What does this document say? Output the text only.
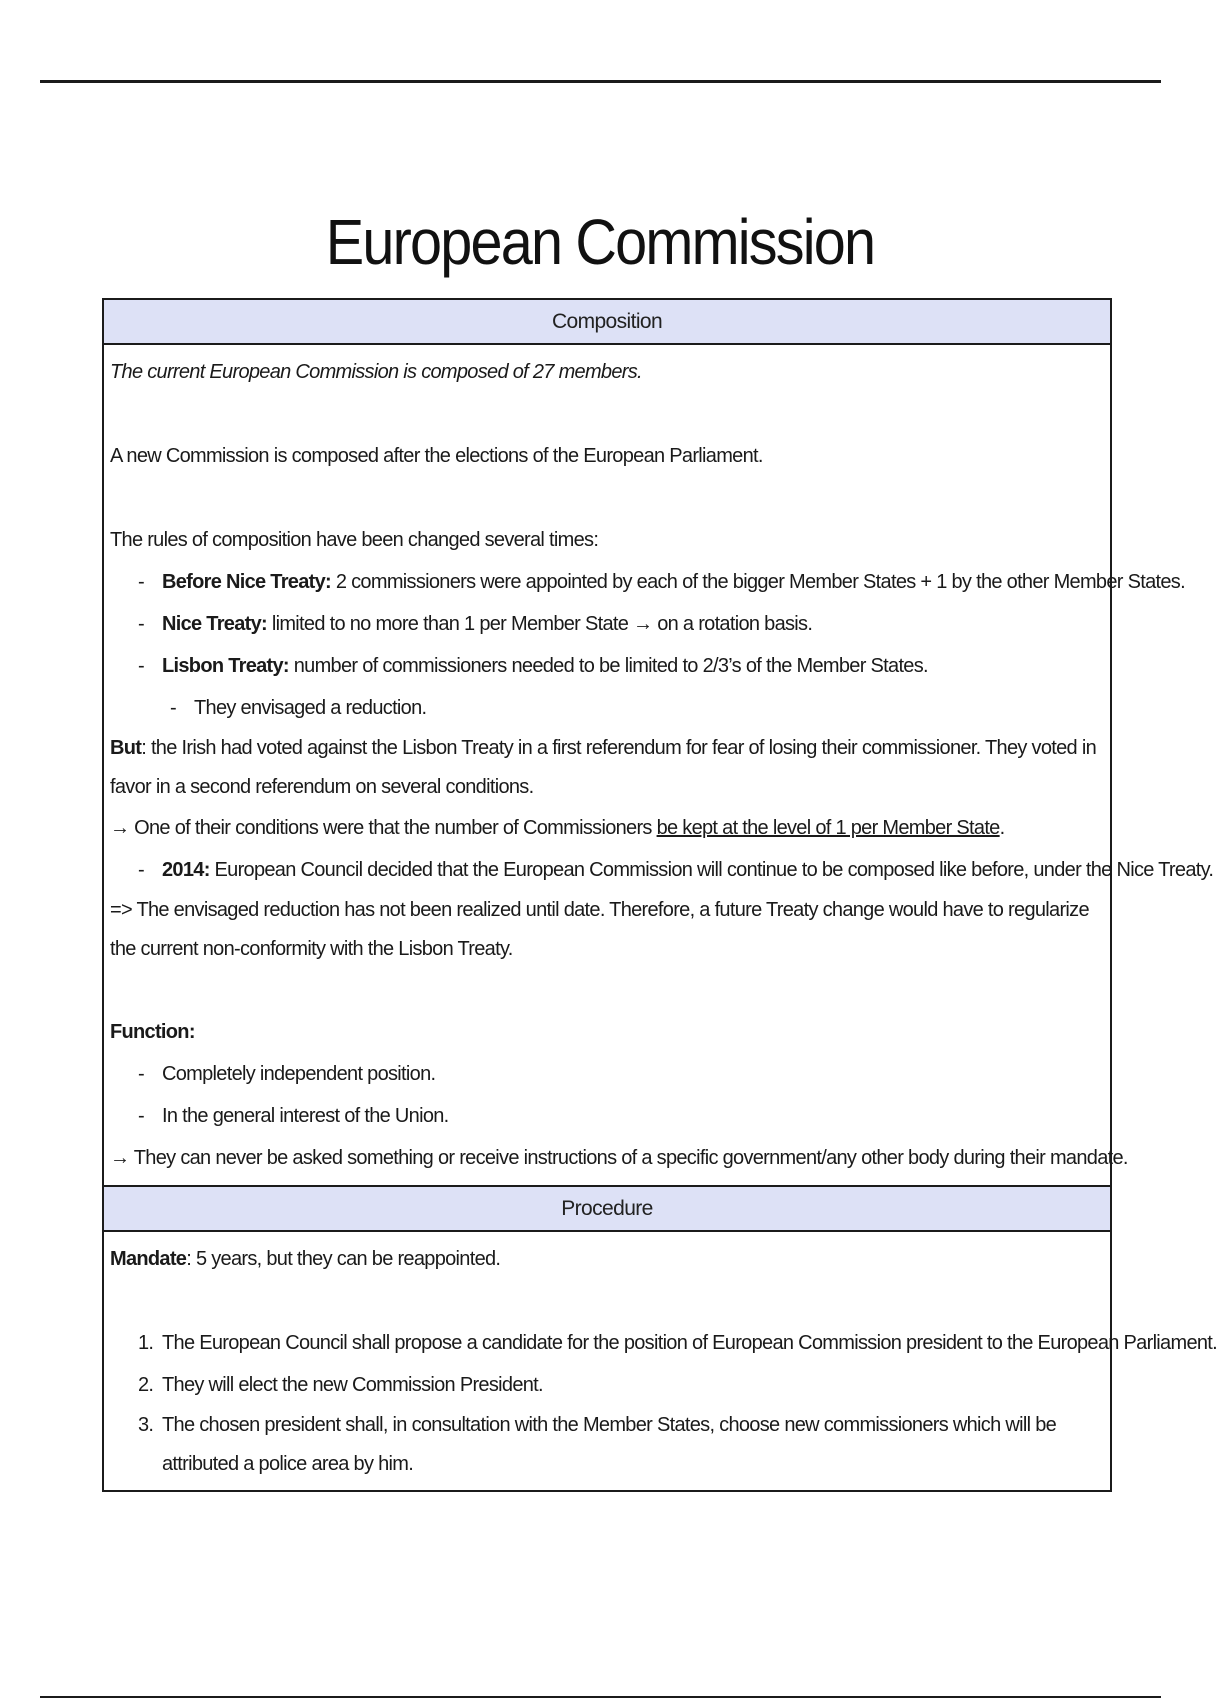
European Commission
Composition
The current European Commission is composed of 27 members.
A new Commission is composed after the elections of the European Parliament.
The rules of composition have been changed several times:
- Before Nice Treaty: 2 commissioners were appointed by each of the bigger Member States + 1 by the other Member States.
- Nice Treaty: limited to no more than 1 per Member State → on a rotation basis.
- Lisbon Treaty: number of commissioners needed to be limited to 2/3’s of the Member States.
- They envisaged a reduction.
But: the Irish had voted against the Lisbon Treaty in a first referendum for fear of losing their commissioner. They voted in favor in a second referendum on several conditions.
→ One of their conditions were that the number of Commissioners be kept at the level of 1 per Member State.
- 2014: European Council decided that the European Commission will continue to be composed like before, under the Nice Treaty.
=> The envisaged reduction has not been realized until date. Therefore, a future Treaty change would have to regularize the current non-conformity with the Lisbon Treaty.
Function:
- Completely independent position.
- In the general interest of the Union.
→ They can never be asked something or receive instructions of a specific government/any other body during their mandate.
Procedure
Mandate: 5 years, but they can be reappointed.
1. The European Council shall propose a candidate for the position of European Commission president to the European Parliament.
2. They will elect the new Commission President.
3. The chosen president shall, in consultation with the Member States, choose new commissioners which will be attributed a police area by him.
